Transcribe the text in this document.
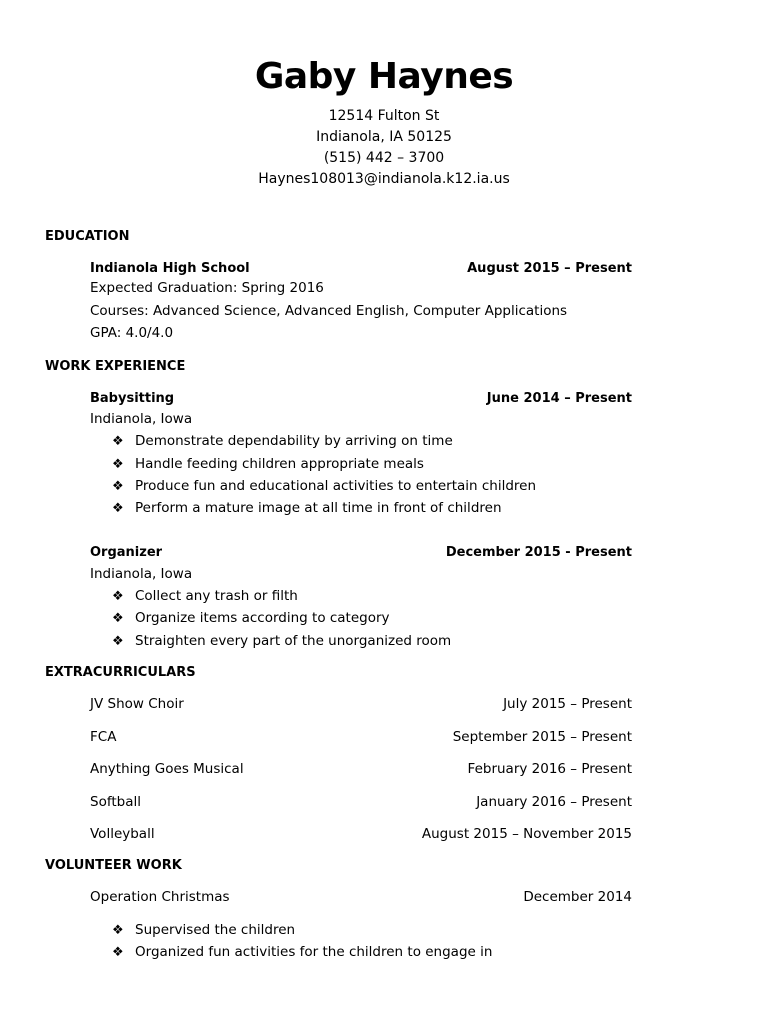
Gaby Haynes
12514 Fulton St
Indianola, IA 50125
(515) 442 – 3700
Haynes108013@indianola.k12.ia.us
EDUCATION
Indianola High School	August 2015 – Present
Expected Graduation: Spring 2016
Courses: Advanced Science, Advanced English, Computer Applications
GPA: 4.0/4.0
WORK EXPERIENCE
Babysitting	June 2014 – Present
Indianola, Iowa
❖ Demonstrate dependability by arriving on time
❖ Handle feeding children appropriate meals
❖ Produce fun and educational activities to entertain children
❖ Perform a mature image at all time in front of children
Organizer	December 2015 - Present
Indianola, Iowa
❖ Collect any trash or filth
❖ Organize items according to category
❖ Straighten every part of the unorganized room
EXTRACURRICULARS
JV Show Choir	July 2015 – Present
FCA	September 2015 – Present
Anything Goes Musical	February 2016 – Present
Softball	January 2016 – Present
Volleyball	August 2015 – November 2015
VOLUNTEER WORK
Operation Christmas	December 2014
❖ Supervised the children
❖ Organized fun activities for the children to engage in
